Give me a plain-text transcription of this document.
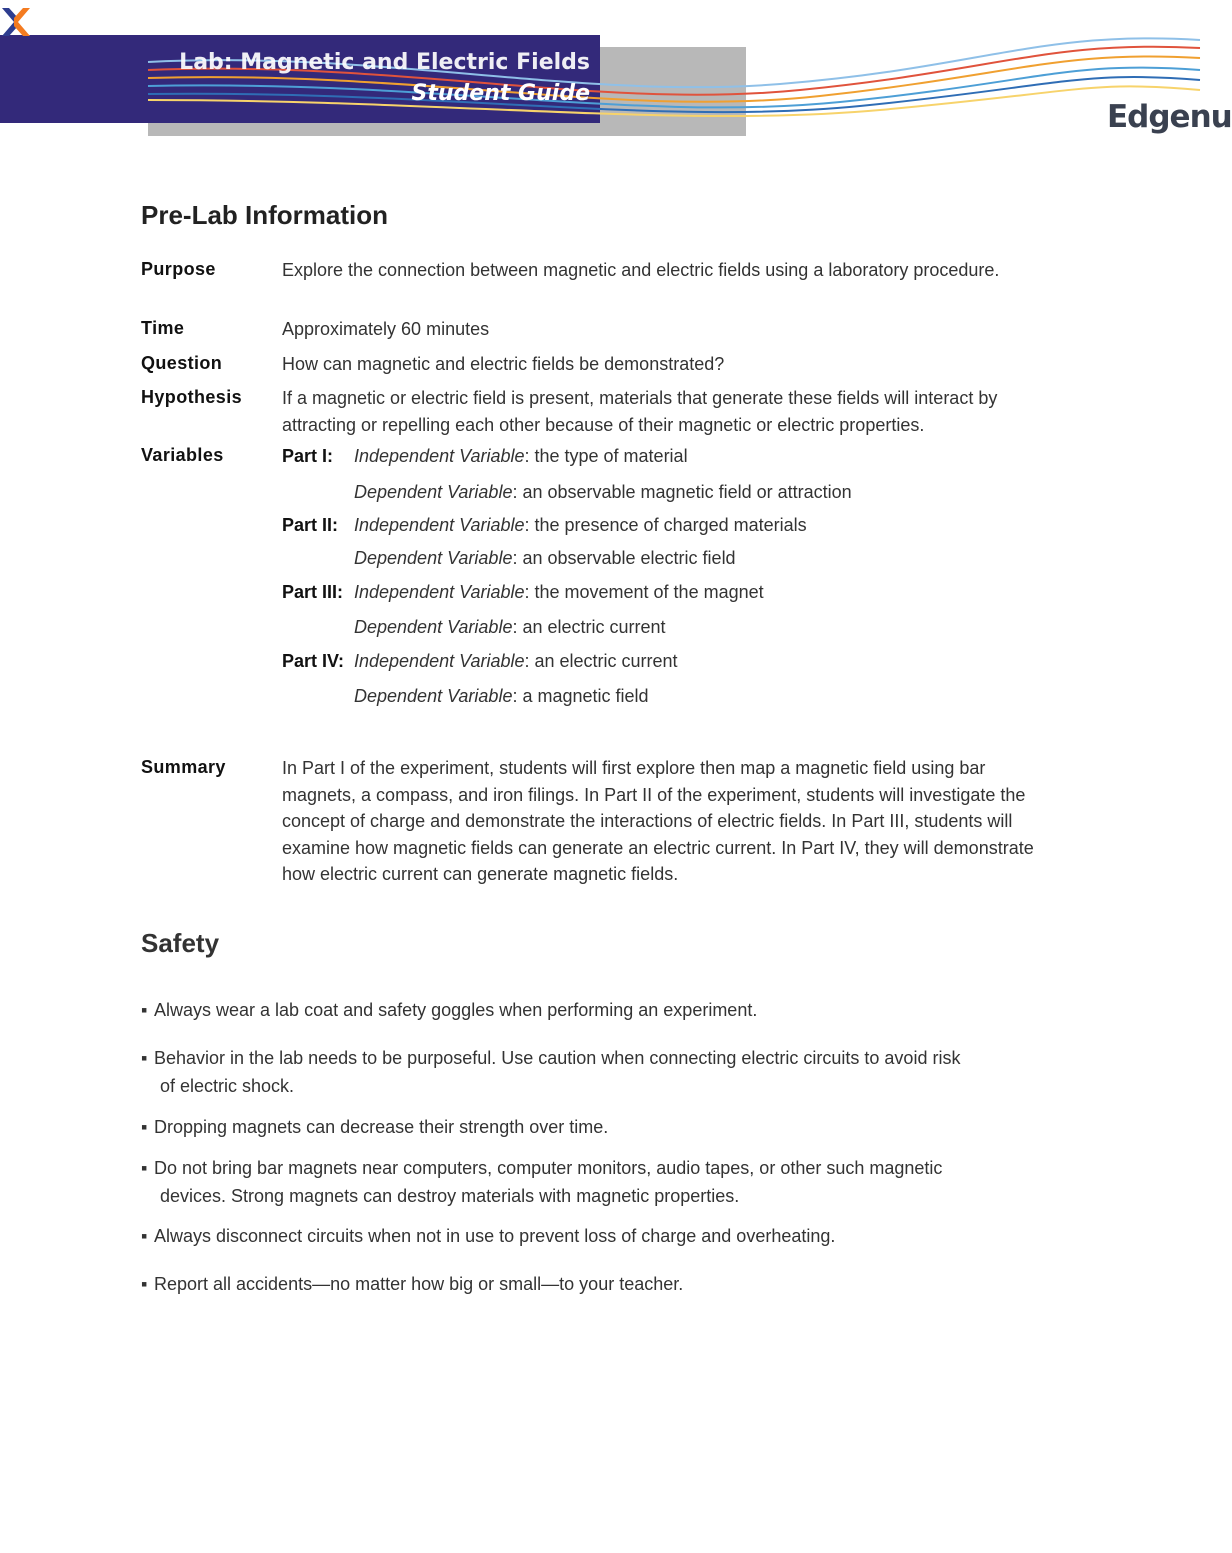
Lab: Magnetic and Electric Fields
Student Guide
Edgenu
Pre-Lab Information
Purpose	Explore the connection between magnetic and electric fields using a laboratory procedure.
Time	Approximately 60 minutes
Question	How can magnetic and electric fields be demonstrated?
Hypothesis If a magnetic or electric field is present, materials that generate these fields will interact by attracting or repelling each other because of their magnetic or electric properties.
Variables	Part I: Independent Variable: the type of material
Dependent Variable: an observable magnetic field or attraction
Part II: Independent Variable: the presence of charged materials
Dependent Variable: an observable electric field
Part III: Independent Variable: the movement of the magnet
Dependent Variable: an electric current
Part IV: Independent Variable: an electric current
Dependent Variable: a magnetic field
Summary	In Part I of the experiment, students will first explore then map a magnetic field using bar magnets, a compass, and iron filings. In Part II of the experiment, students will investigate the concept of charge and demonstrate the interactions of electric fields. In Part III, students will examine how magnetic fields can generate an electric current. In Part IV, they will demonstrate how electric current can generate magnetic fields.
Safety
▪ Always wear a lab coat and safety goggles when performing an experiment.
▪ Behavior in the lab needs to be purposeful. Use caution when connecting electric circuits to avoid risk
of electric shock.
▪ Dropping magnets can decrease their strength over time.
▪ Do not bring bar magnets near computers, computer monitors, audio tapes, or other such magnetic
devices. Strong magnets can destroy materials with magnetic properties.
▪ Always disconnect circuits when not in use to prevent loss of charge and overheating.
▪ Report all accidents—no matter how big or small—to your teacher.
